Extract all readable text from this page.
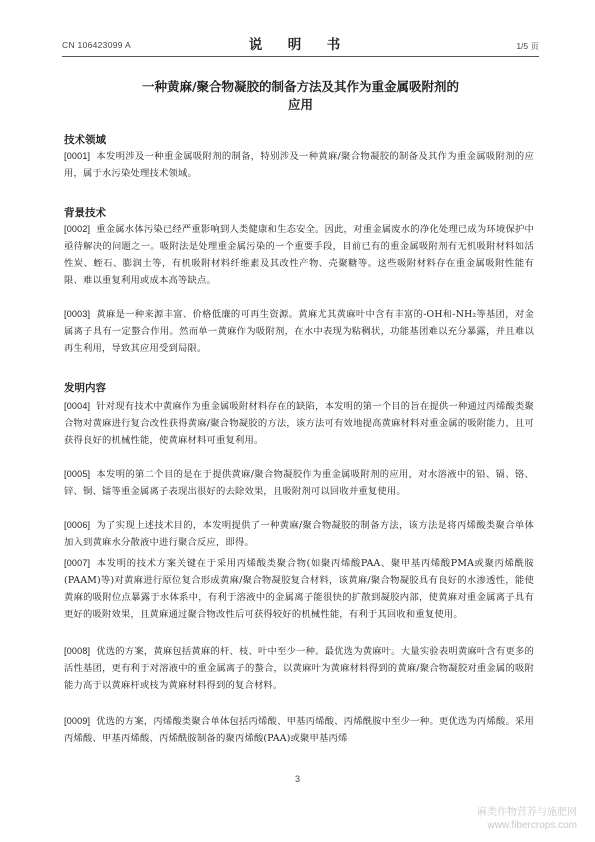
CN 106423099 A	说　明　书	1/5 页
一种黄麻/聚合物凝胶的制备方法及其作为重金属吸附剂的
应用
技术领域
[0001] 本发明涉及一种重金属吸附剂的制备，特别涉及一种黄麻/聚合物凝胶的制备及其作为重金属吸附剂的应用，属于水污染处理技术领域。
背景技术
[0002] 重金属水体污染已经严重影响到人类健康和生态安全。因此，对重金属废水的净化处理已成为环境保护中亟待解决的问题之一。吸附法是处理重金属污染的一个重要手段，目前已有的重金属吸附剂有无机吸附材料如活性炭、蛭石、膨润土等，有机吸附材料纤维素及其改性产物、壳聚糖等。这些吸附材料存在重金属吸附性能有限、难以重复利用或成本高等缺点。
[0003] 黄麻是一种来源丰富、价格低廉的可再生资源。黄麻尤其黄麻叶中含有丰富的-OH和-NH₂等基团，对金属离子具有一定螯合作用。然而单一黄麻作为吸附剂，在水中表现为粘稠状，功能基团难以充分暴露，并且难以再生利用，导致其应用受到局限。
发明内容
[0004] 针对现有技术中黄麻作为重金属吸附材料存在的缺陷，本发明的第一个目的旨在提供一种通过丙烯酸类聚合物对黄麻进行复合改性获得黄麻/聚合物凝胶的方法，该方法可有效地提高黄麻材料对重金属的吸附能力，且可获得良好的机械性能，使黄麻材料可重复利用。
[0005] 本发明的第二个目的是在于提供黄麻/聚合物凝胶作为重金属吸附剂的应用，对水溶液中的铅、镉、铬、锌、铜、镭等重金属离子表现出很好的去除效果，且吸附剂可以回收并重复使用。
[0006] 为了实现上述技术目的，本发明提供了一种黄麻/聚合物凝胶的制备方法，该方法是将丙烯酸类聚合单体加入到黄麻水分散液中进行聚合反应，即得。
[0007] 本发明的技术方案关键在于采用丙烯酸类聚合物(如聚丙烯酸PAA、聚甲基丙烯酸PMA或聚丙烯酰胺(PAAM)等)对黄麻进行原位复合形成黄麻/聚合物凝胶复合材料，该黄麻/聚合物凝胶具有良好的水渗透性，能使黄麻的吸附位点暴露于水体系中，有利于溶液中的金属离子能很快的扩散到凝胶内部，使黄麻对重金属离子具有更好的吸附效果，且黄麻通过聚合物改性后可获得较好的机械性能，有利于其回收和重复使用。
[0008] 优选的方案，黄麻包括黄麻的杆、枝、叶中至少一种。最优选为黄麻叶。大量实验表明黄麻叶含有更多的活性基团，更有利于对溶液中的重金属离子的螯合，以黄麻叶为黄麻材料得到的黄麻/聚合物凝胶对重金属的吸附能力高于以黄麻杆或枝为黄麻材料得到的复合材料。
[0009] 优选的方案，丙烯酸类聚合单体包括丙烯酸、甲基丙烯酸、丙烯酰胺中至少一种。更优选为丙烯酸。采用丙烯酸、甲基丙烯酸、丙烯酰胺制备的聚丙烯酸(PAA)或聚甲基丙烯
3
麻类作物营养与施肥网
www.fibercrops.com
